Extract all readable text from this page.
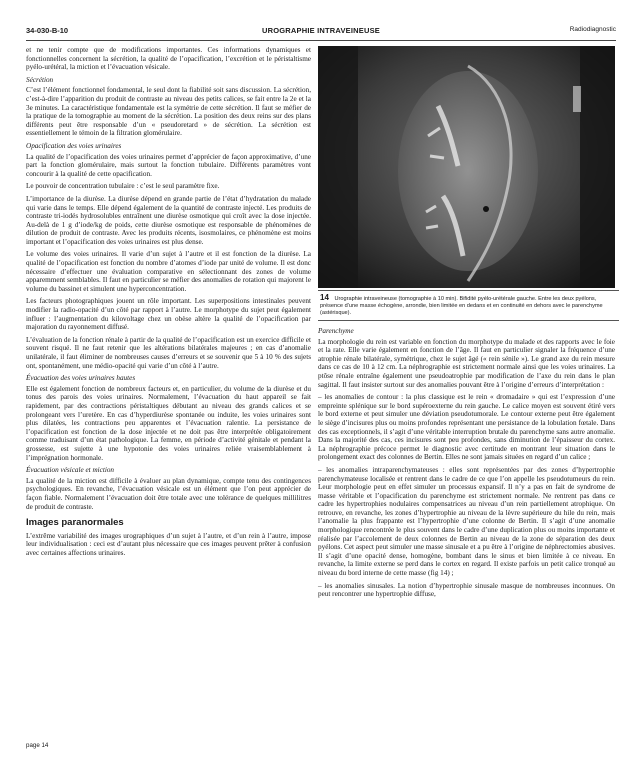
34-030-B-10	UROGRAPHIE INTRAVEINEUSE	Radiodiagnostic

et ne tenir compte que de modifications importantes. Ces informations dynamiques et fonctionnelles concernent la sécrétion, la qualité de l’opacification, l’excrétion et le péristaltisme pyélo-urétéral, la miction et l’évacuation vésicale.

Sécrétion

C’est l’élément fonctionnel fondamental, le seul dont la fiabilité soit sans discussion. La sécrétion, c’est-à-dire l’apparition du produit de contraste au niveau des petits calices, se fait entre la 2e et la 3e minutes. La caractéristique fondamentale est la symétrie de cette sécrétion. Il faut se méfier de la pratique de la tomographie au moment de la sécrétion. La position des deux reins sur des plans différents peut être responsable d’un « pseudoretard » de sécrétion. La sécrétion est essentiellement le témoin de la filtration glomérulaire.

Opacification des voies urinaires

La qualité de l’opacification des voies urinaires permet d’apprécier de façon approximative, d’une part la fonction glomérulaire, mais surtout la fonction tubulaire. Différents paramètres vont concourir à la qualité de cette opacification.

Le pouvoir de concentration tubulaire : c’est le seul paramètre fixe.

L’importance de la diurèse. La diurèse dépend en grande partie de l’état d’hydratation du malade qui varie dans le temps. Elle dépend également de la quantité de contraste injecté. Les produits de contraste tri-iodés hydrosolubles entraînent une diurèse osmotique qui croît avec la dose injectée. Au-delà de 1 g d’iode/kg de poids, cette diurèse osmotique est responsable de phénomènes de dilution de produit de contraste. Avec les produits récents, isosmolaires, ce phénomène est moins important et l’opacification des voies urinaires est plus dense.

Le volume des voies urinaires. Il varie d’un sujet à l’autre et il est fonction de la diurèse. La qualité de l’opacification est fonction du nombre d’atomes d’iode par unité de volume. Il est donc nécessaire d’effectuer une évaluation comparative en sélectionnant des zones de volume apparemment semblables. Il faut en particulier se méfier des anomalies de rotation qui majorent le volume du bassinet et simulent une hyperconcentration.

Les facteurs photographiques jouent un rôle important. Les superpositions intestinales peuvent modifier la radio-opacité d’un côté par rapport à l’autre. Le morphotype du sujet peut également influer : l’augmentation du kilovoltage chez un obèse altère la qualité de l’opacification par majoration du rayonnement diffusé.

L’évaluation de la fonction rénale à partir de la qualité de l’opacification est un exercice difficile et souvent risqué. Il ne faut retenir que les altérations bilatérales majeures ; en cas d’anomalie unilatérale, il faut éliminer de nombreuses causes d’erreurs et se souvenir que 5 à 10 % des sujets ont, spontanément, une médio-opacité qui varie d’un côté à l’autre.

Évacuation des voies urinaires hautes

Elle est également fonction de nombreux facteurs et, en particulier, du volume de la diurèse et du tonus des parois des voies urinaires. Normalement, l’évacuation du haut appareil se fait rapidement, par des contractions péristaltiques débutant au niveau des grands calices et se prolongeant vers l’uretère. En cas d’hyperdiurèse spontanée ou induite, les voies urinaires sont plus dilatées, les contractions peu apparentes et l’évacuation ralentie. La persistance de l’opacification est fonction de la dose injectée et ne doit pas être interprétée obligatoirement comme traduisant d’un état pathologique. La femme, en période d’activité génitale et pendant la grossesse, est sujette à une hypotonie des voies urinaires reliée vraisemblablement à l’imprégnation hormonale.

Évacuation vésicale et miction

La qualité de la miction est difficile à évaluer au plan dynamique, compte tenu des contingences psychologiques. En revanche, l’évacuation vésicale est un élément que l’on peut apprécier de façon fiable. Normalement l’évacuation doit être totale avec une tolérance de quelques millilitres de produit de contraste.

Images paranormales

L’extrême variabilité des images urographiques d’un sujet à l’autre, et d’un rein à l’autre, impose leur individualisation : ceci est d’autant plus nécessaire que ces images peuvent prêter à confusion avec certaines affections urinaires.

14 Urographie intraveineuse (tomographie à 10 min). Bifidité pyélo-urétérale gauche. Entre les deux pyélons, présence d’une masse échogène, arrondie, bien limitée en dedans et en continuité en dehors avec le parenchyme (astérisque).
Parenchyme

La morphologie du rein est variable en fonction du morphotype du malade et des rapports avec le foie et la rate. Elle varie également en fonction de l’âge. Il faut en particulier signaler la fréquence d’une atrophie rénale bilatérale, symétrique, chez le sujet âgé (« rein sénile »). Le grand axe du rein mesure dans ce cas de 10 à 12 cm. La néphrographie est strictement normale ainsi que les voies urinaires. La ptôse rénale entraîne également une pseudoatrophie par modification de l’axe du rein dans le plan sagittal. Il faut insister surtout sur des anomalies pouvant être à l’origine d’erreurs d’interprétation :

– les anomalies de contour : la plus classique est le rein « dromadaire » qui est l’expression d’une empreinte splénique sur le bord supéroexterne du rein gauche. Le calice moyen est souvent étiré vers le bord externe et peut simuler une déviation pseudotumorale. Le contour externe peut être également le siège d’incisures plus ou moins profondes représentant une persistance de la lobulation fœtale. Dans des cas exceptionnels, il s’agit d’une véritable interruption brutale du parenchyme sans autre anomalie. Dans la majorité des cas, ces incisures sont peu profondes, sans diminution de l’épaisseur du cortex. La néphrographie précoce permet le diagnostic avec certitude en montrant leur situation dans le prolongement exact des colonnes de Bertin. Elles ne sont jamais situées en regard d’un calice ;

– les anomalies intraparenchymateuses : elles sont représentées par des zones d’hypertrophie parenchymateuse localisée et rentrent dans le cadre de ce que l’on appelle les pseudotumeurs du rein. Leur morphologie peut en effet simuler un processus expansif. Il n’y a pas en fait de syndrome de masse véritable et l’opacification du parenchyme est strictement normale. Ne rentrent pas dans ce cadre les hypertrophies nodulaires compensatrices au niveau d’un rein partiellement atrophique. On retrouve, en revanche, les zones d’hypertrophie au niveau de la lèvre supérieure du hile du rein, mais l’anomalie la plus frappante est l’hypertrophie d’une colonne de Bertin. Il s’agit d’une anomalie morphologique rencontrée le plus souvent dans le cadre d’une duplication plus ou moins importante et réalisée par l’accolement de deux colonnes de Bertin au niveau de la zone de séparation des deux pyélons. Cet aspect peut simuler une masse sinusale et a pu être à l’origine de néphrectomies abusives. Il s’agit d’une opacité dense, homogène, bombant dans le sinus et bien limitée à ce niveau. En revanche, la limite externe se perd dans le cortex en regard. Il existe parfois un petit calice tronqué au niveau du bord interne de cette masse (fig 14) ;

– les anomalies sinusales. La notion d’hypertrophie sinusale masque de nombreuses inconnues. On peut rencontrer une hypertrophie diffuse,

page 14
